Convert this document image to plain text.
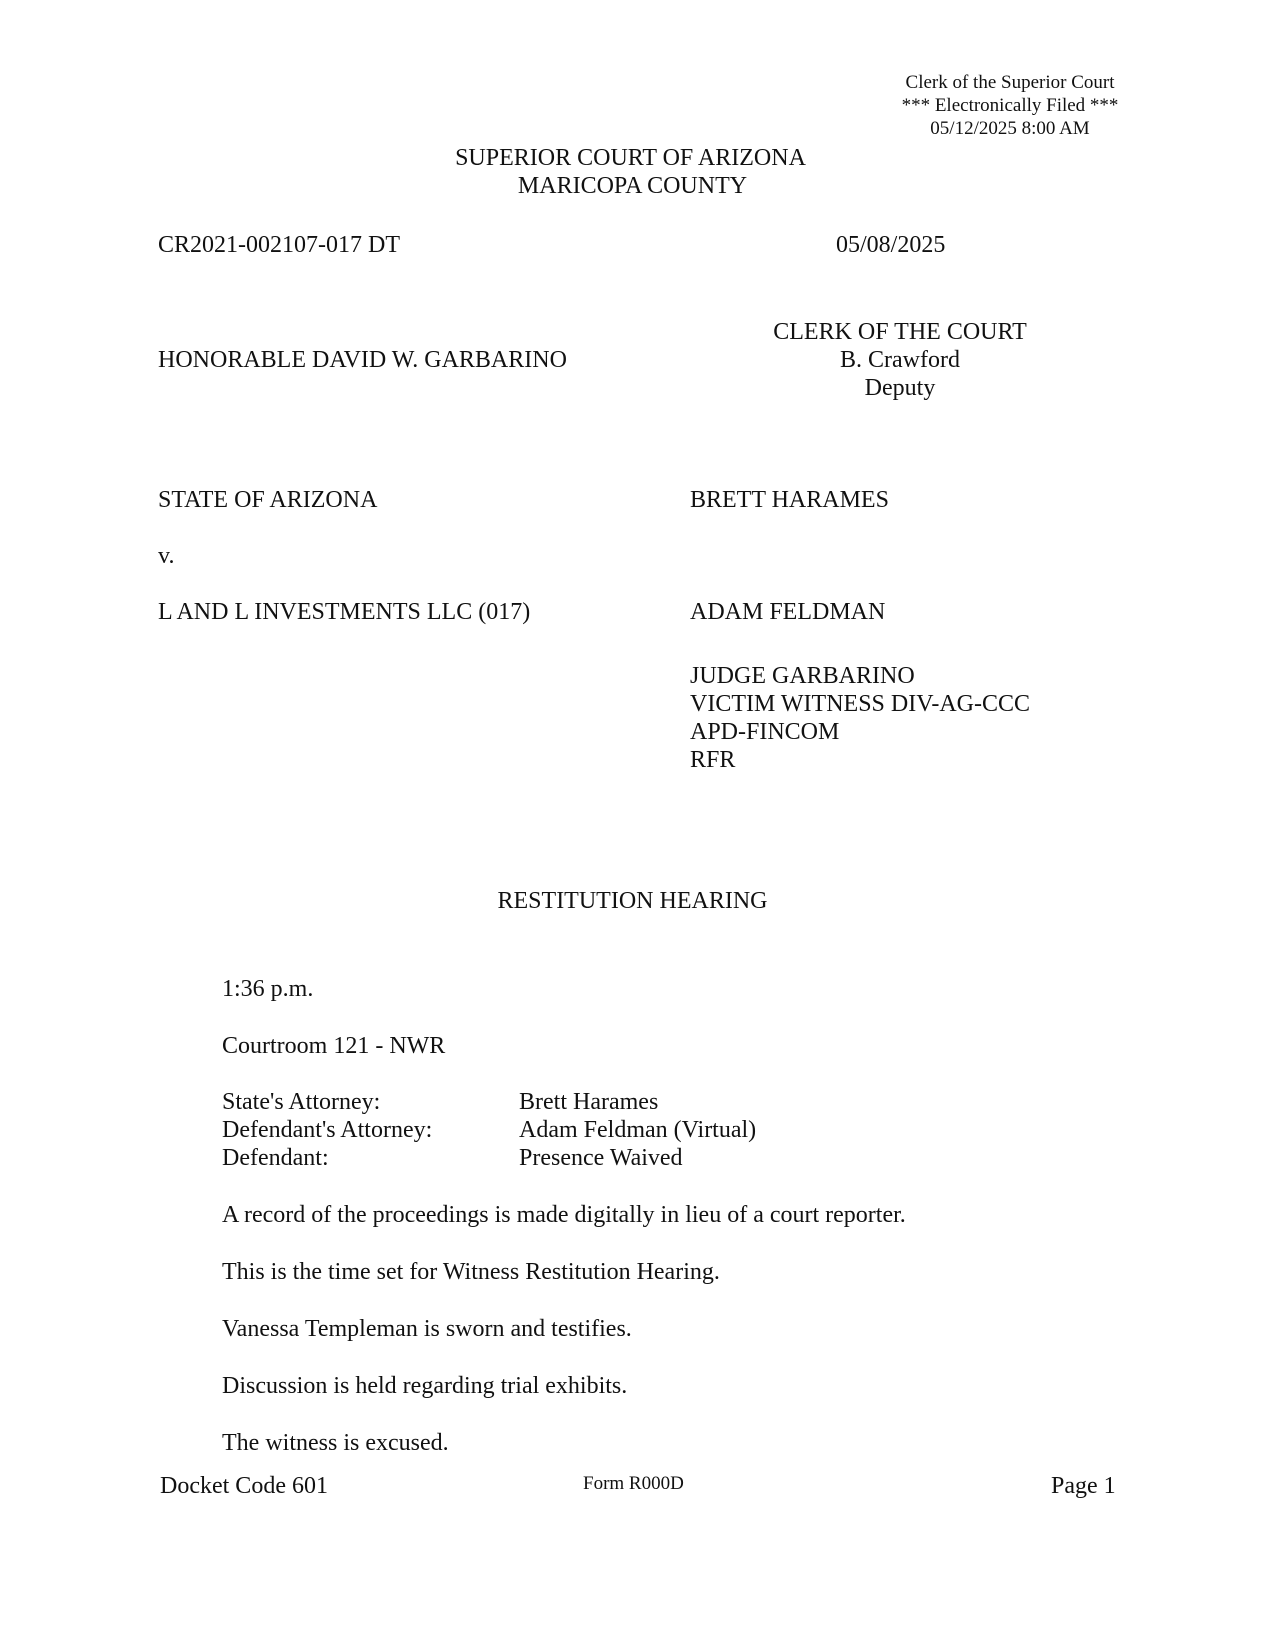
Clerk of the Superior Court
*** Electronically Filed ***
05/12/2025 8:00 AM
SUPERIOR COURT OF ARIZONA
MARICOPA COUNTY
CR2021-002107-017 DT	05/08/2025
HONORABLE DAVID W. GARBARINO
CLERK OF THE COURT
B. Crawford
Deputy
STATE OF ARIZONA
v.
L AND L INVESTMENTS LLC (017)
BRETT HARAMES
ADAM FELDMAN
JUDGE GARBARINO
VICTIM WITNESS DIV-AG-CCC
APD-FINCOM
RFR
RESTITUTION HEARING
1:36 p.m.
Courtroom 121 - NWR
State's Attorney:	Brett Harames
Defendant's Attorney:	Adam Feldman (Virtual)
Defendant:	Presence Waived
A record of the proceedings is made digitally in lieu of a court reporter.
This is the time set for Witness Restitution Hearing.
Vanessa Templeman is sworn and testifies.
Discussion is held regarding trial exhibits.
The witness is excused.
Docket Code 601	Form R000D	Page 1
